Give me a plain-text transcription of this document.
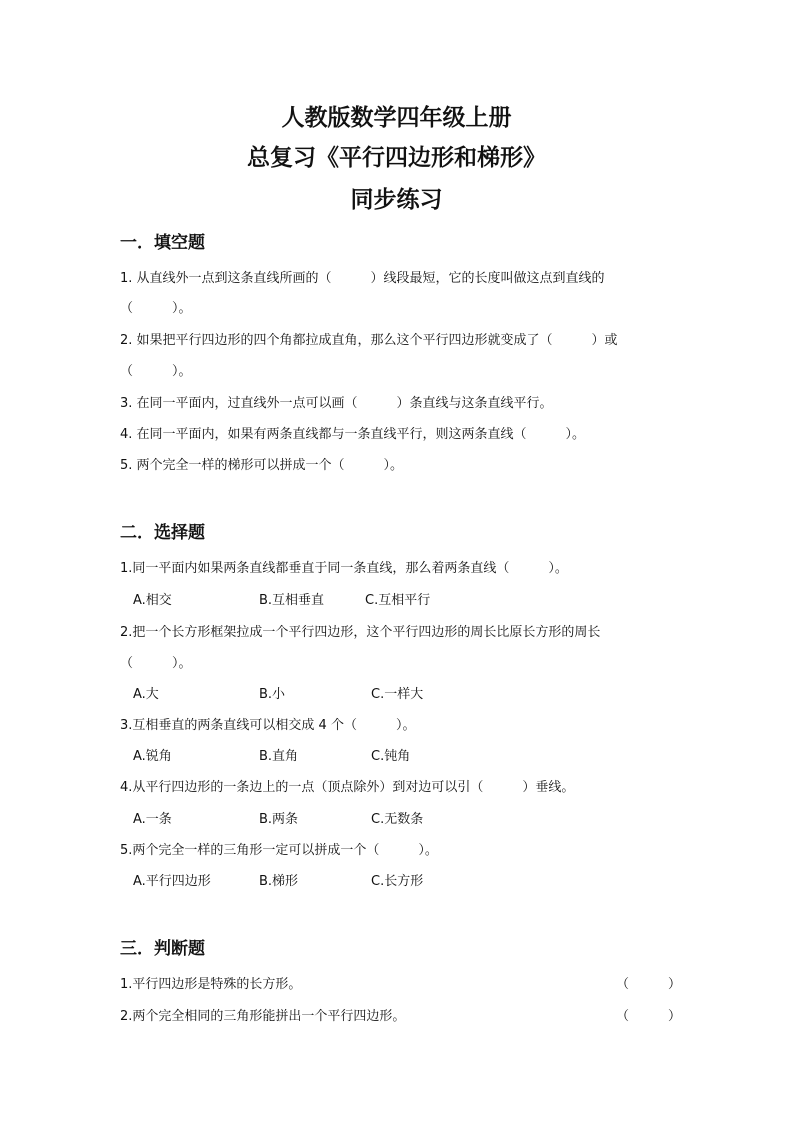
人教版数学四年级上册
总复习《平行四边形和梯形》
同步练习
一．填空题

1. 从直线外一点到这条直线所画的（　　　）线段最短，它的长度叫做这点到直线的

（　　　）。

2. 如果把平行四边形的四个角都拉成直角，那么这个平行四边形就变成了（　　　）或

（　　　）。

3. 在同一平面内，过直线外一点可以画（　　　）条直线与这条直线平行。

4. 在同一平面内，如果有两条直线都与一条直线平行，则这两条直线（　　　）。

5. 两个完全一样的梯形可以拼成一个（　　　）。

二．选择题

1.同一平面内如果两条直线都垂直于同一条直线，那么着两条直线（　　　）。

A.相交	B.互相垂直	C.互相平行

2.把一个长方形框架拉成一个平行四边形，这个平行四边形的周长比原长方形的周长

（　　　）。

A.大	B.小	C.一样大

3.互相垂直的两条直线可以相交成 4 个（　　　）。

A.锐角	B.直角	C.钝角

4.从平行四边形的一条边上的一点（顶点除外）到对边可以引（　　　）垂线。

A.一条	B.两条	C.无数条

5.两个完全一样的三角形一定可以拼成一个（　　　）。

A.平行四边形	B.梯形	C.长方形
三．判断题

1.平行四边形是特殊的长方形。	（　　　）

2.两个完全相同的三角形能拼出一个平行四边形。	（　　　）
